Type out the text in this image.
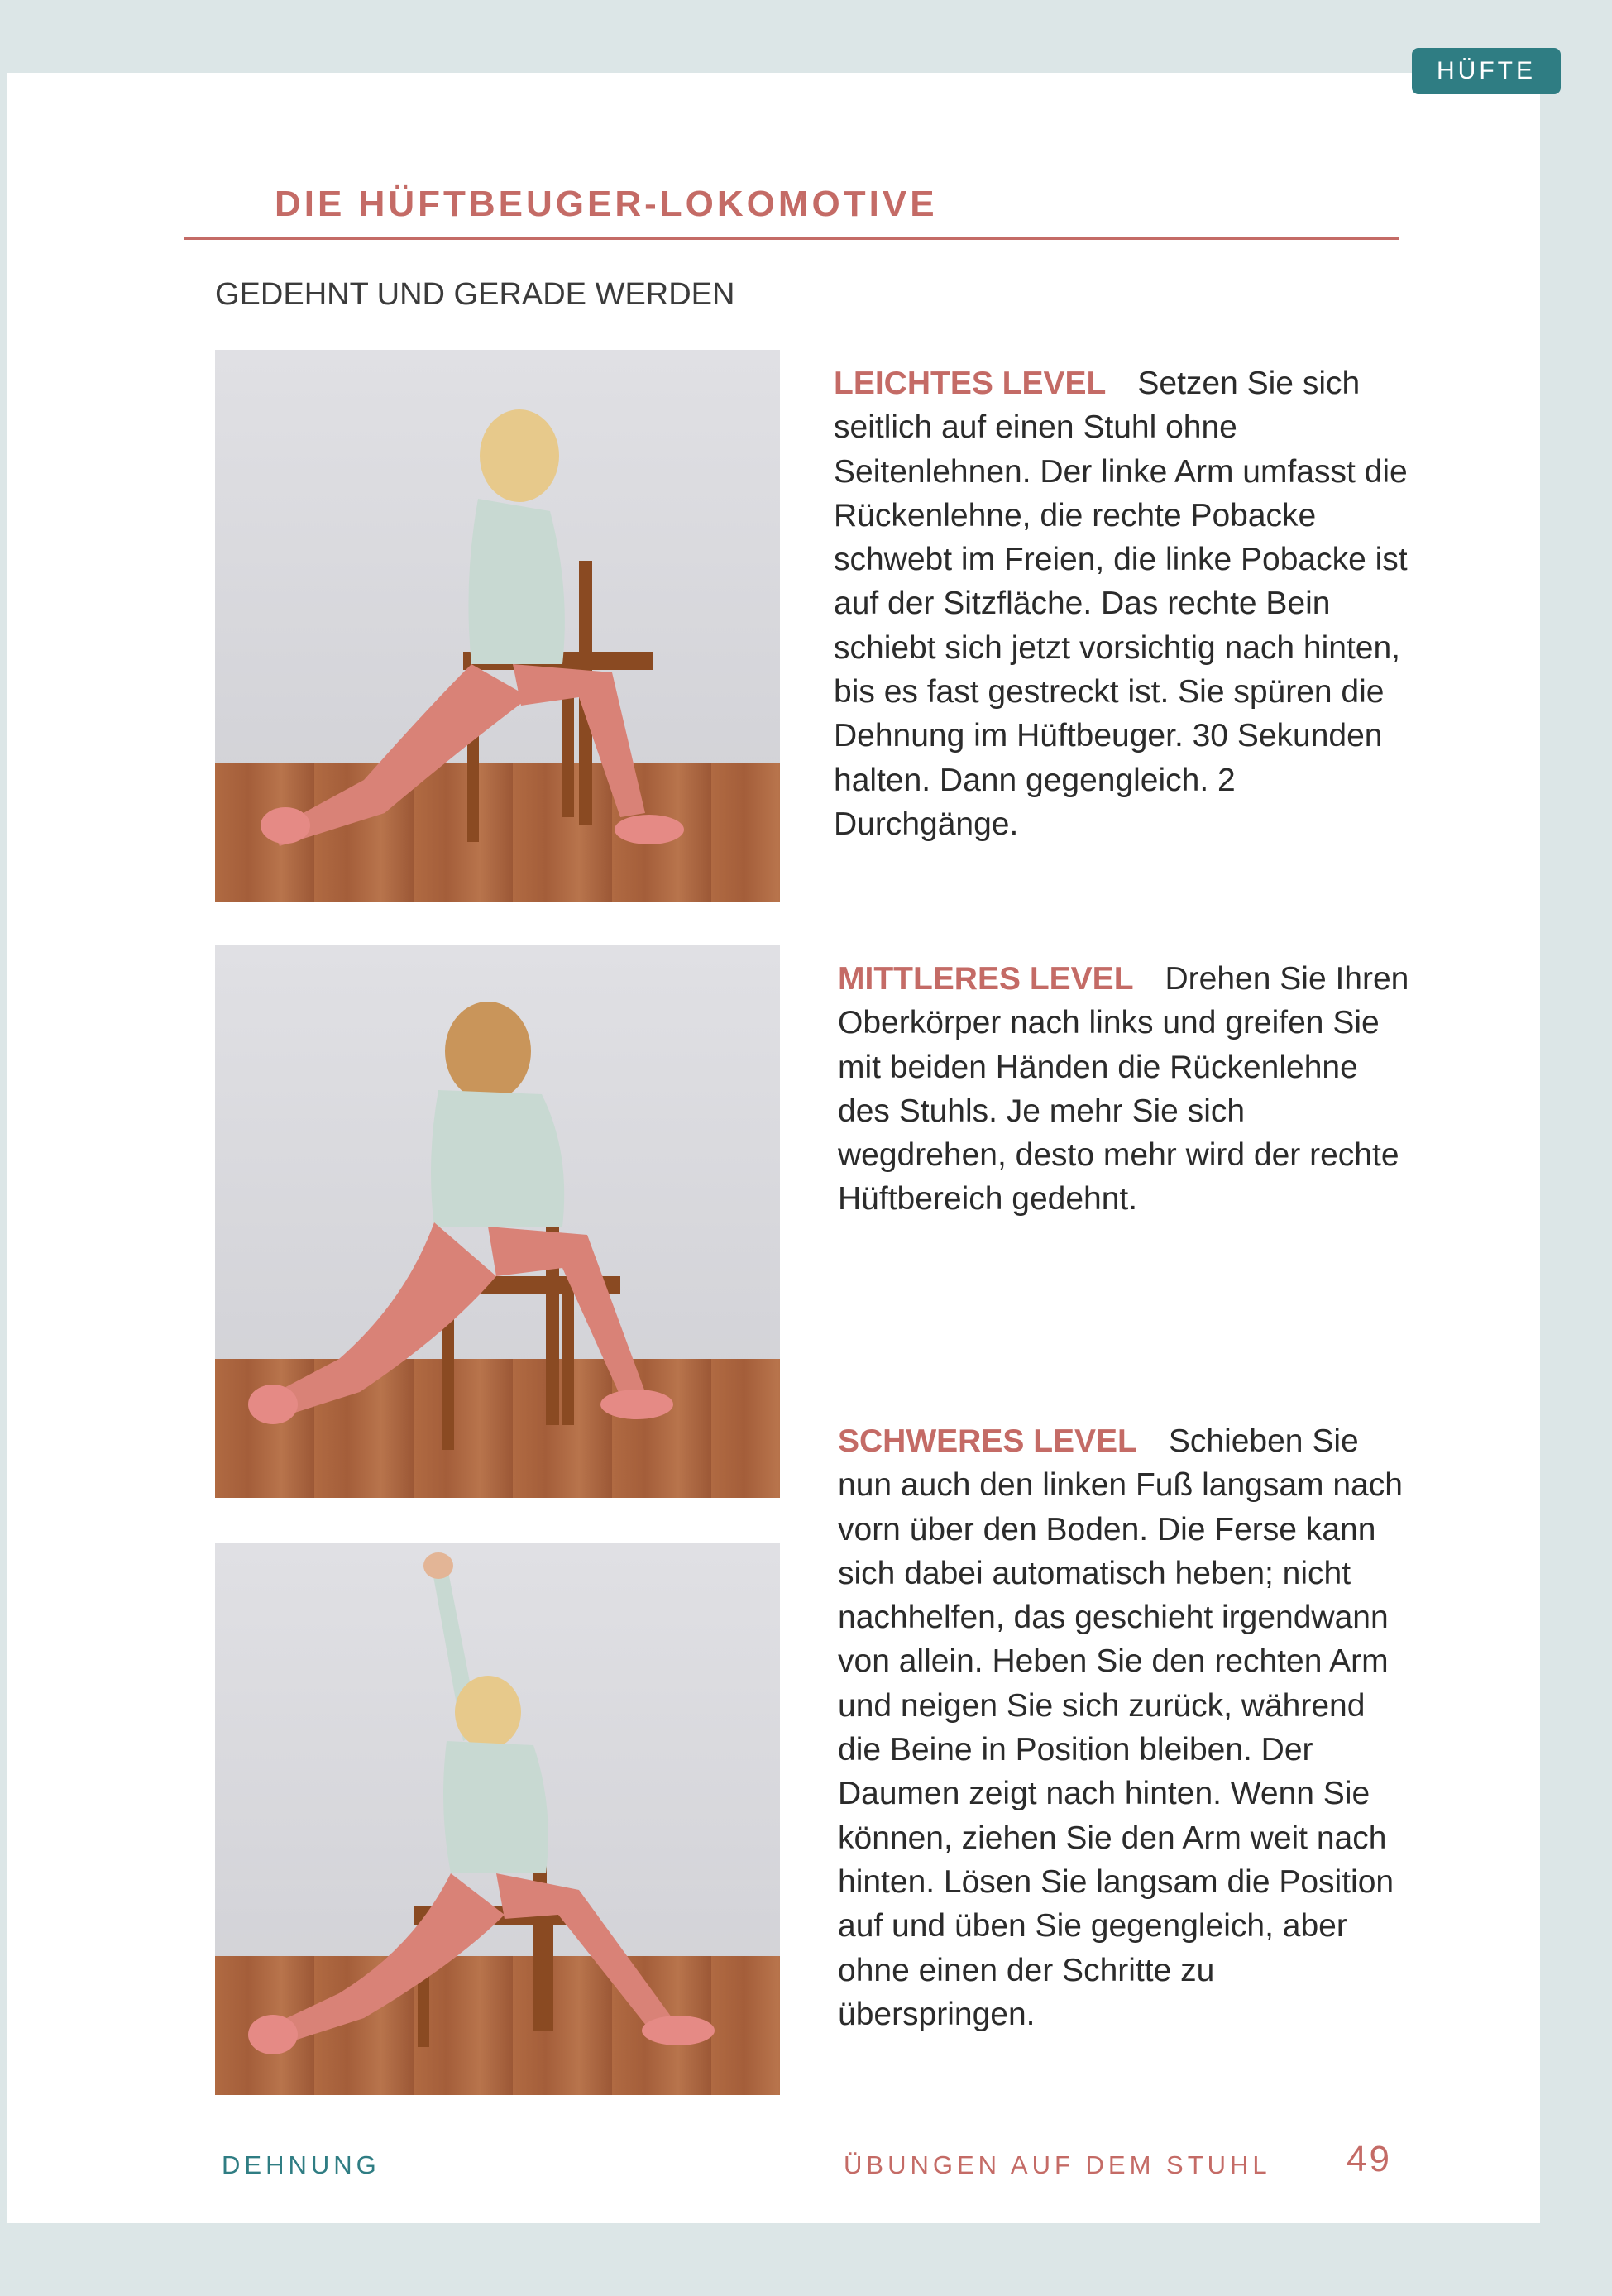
HÜFTE
DIE HÜFTBEUGER-LOKOMOTIVE
GEDEHNT UND GERADE WERDEN
LEICHTES LEVEL Setzen Sie sich seitlich auf einen Stuhl ohne Seitenlehnen. Der linke Arm umfasst die Rückenlehne, die rechte Pobacke schwebt im Freien, die linke Pobacke ist auf der Sitzfläche. Das rechte Bein schiebt sich jetzt vorsichtig nach hinten, bis es fast gestreckt ist. Sie spüren die Dehnung im Hüftbeuger. 30 Sekunden halten. Dann gegengleich. 2 Durchgänge.
MITTLERES LEVEL Drehen Sie Ihren Oberkörper nach links und greifen Sie mit beiden Händen die Rückenlehne des Stuhls. Je mehr Sie sich wegdrehen, desto mehr wird der rechte Hüftbereich gedehnt.
SCHWERES LEVEL Schieben Sie nun auch den linken Fuß langsam nach vorn über den Boden. Die Ferse kann sich dabei automatisch heben; nicht nachhelfen, das geschieht irgendwann von allein. Heben Sie den rechten Arm und neigen Sie sich zurück, während die Beine in Position bleiben. Der Daumen zeigt nach hinten. Wenn Sie können, ziehen Sie den Arm weit nach hinten. Lösen Sie langsam die Position auf und üben Sie gegengleich, aber ohne einen der Schritte zu überspringen.
DEHNUNG	ÜBUNGEN AUF DEM STUHL 49
